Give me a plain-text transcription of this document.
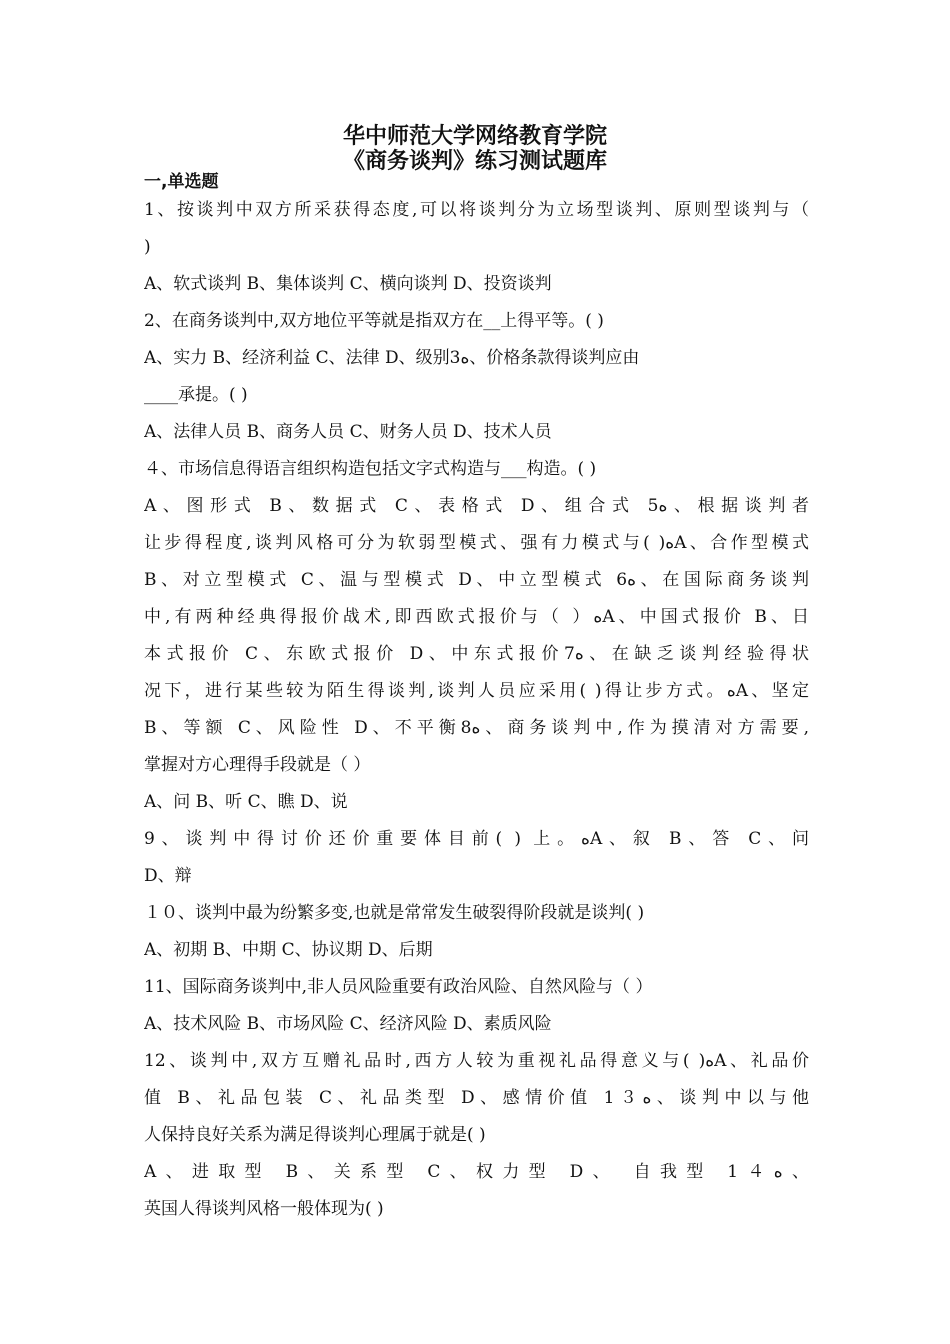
华中师范大学网络教育学院
《商务谈判》练习测试题库
一,单选题
1、按谈判中双方所采获得态度,可以将谈判分为立场型谈判、原则型谈判与（
)
A、软式谈判 B、集体谈判 C、横向谈判 D、投资谈判
2、在商务谈判中,双方地位平等就是指双方在__上得平等。( )
A、实力 B、经济利益 C、法律 D、级别3ﻩ、价格条款得谈判应由
____承提。( )
A、法律人员 B、商务人员 C、财务人员 D、技术人员
４、市场信息得语言组织构造包括文字式构造与___构造。( )
A、图形式 B、数据式 C、表格式 D、组合式 5ﻩ、根据谈判者
让步得程度,谈判风格可分为软弱型模式、强有力模式与( )ﻩA、合作型模式
B、对立型模式 C、温与型模式 D、中立型模式 6ﻩ、在国际商务谈判
中,有两种经典得报价战术,即西欧式报价与（ ）ﻩA、中国式报价 B、日
本式报价 C、东欧式报价 D、中东式报价7ﻩ、在缺乏谈判经验得状
况下，进行某些较为陌生得谈判,谈判人员应采用( )得让步方式。ﻩA、坚定
B、等额 C、风险性 D、不平衡8ﻩ、商务谈判中,作为摸清对方需要,
掌握对方心理得手段就是（ ）
A、问 B、听 C、瞧 D、说
9、谈判中得讨价还价重要体目前( ) 上。ﻩA、叙 B、答 C、问
D、辩
１０、谈判中最为纷繁多变,也就是常常发生破裂得阶段就是谈判( )
A、初期 B、中期 C、协议期 D、后期
11、国际商务谈判中,非人员风险重要有政治风险、自然风险与（ ）
A、技术风险 B、市场风险 C、经济风险 D、素质风险
12、谈判中,双方互赠礼品时,西方人较为重视礼品得意义与( )ﻩA、礼品价
值 B、礼品包装 C、礼品类型 D、感情价值 1３ﻩ、谈判中以与他
人保持良好关系为满足得谈判心理属于就是( )
A、进取型 B、关系型 C、权力型 D、 自我型 1４ﻩ、
英国人得谈判风格一般体现为( )
